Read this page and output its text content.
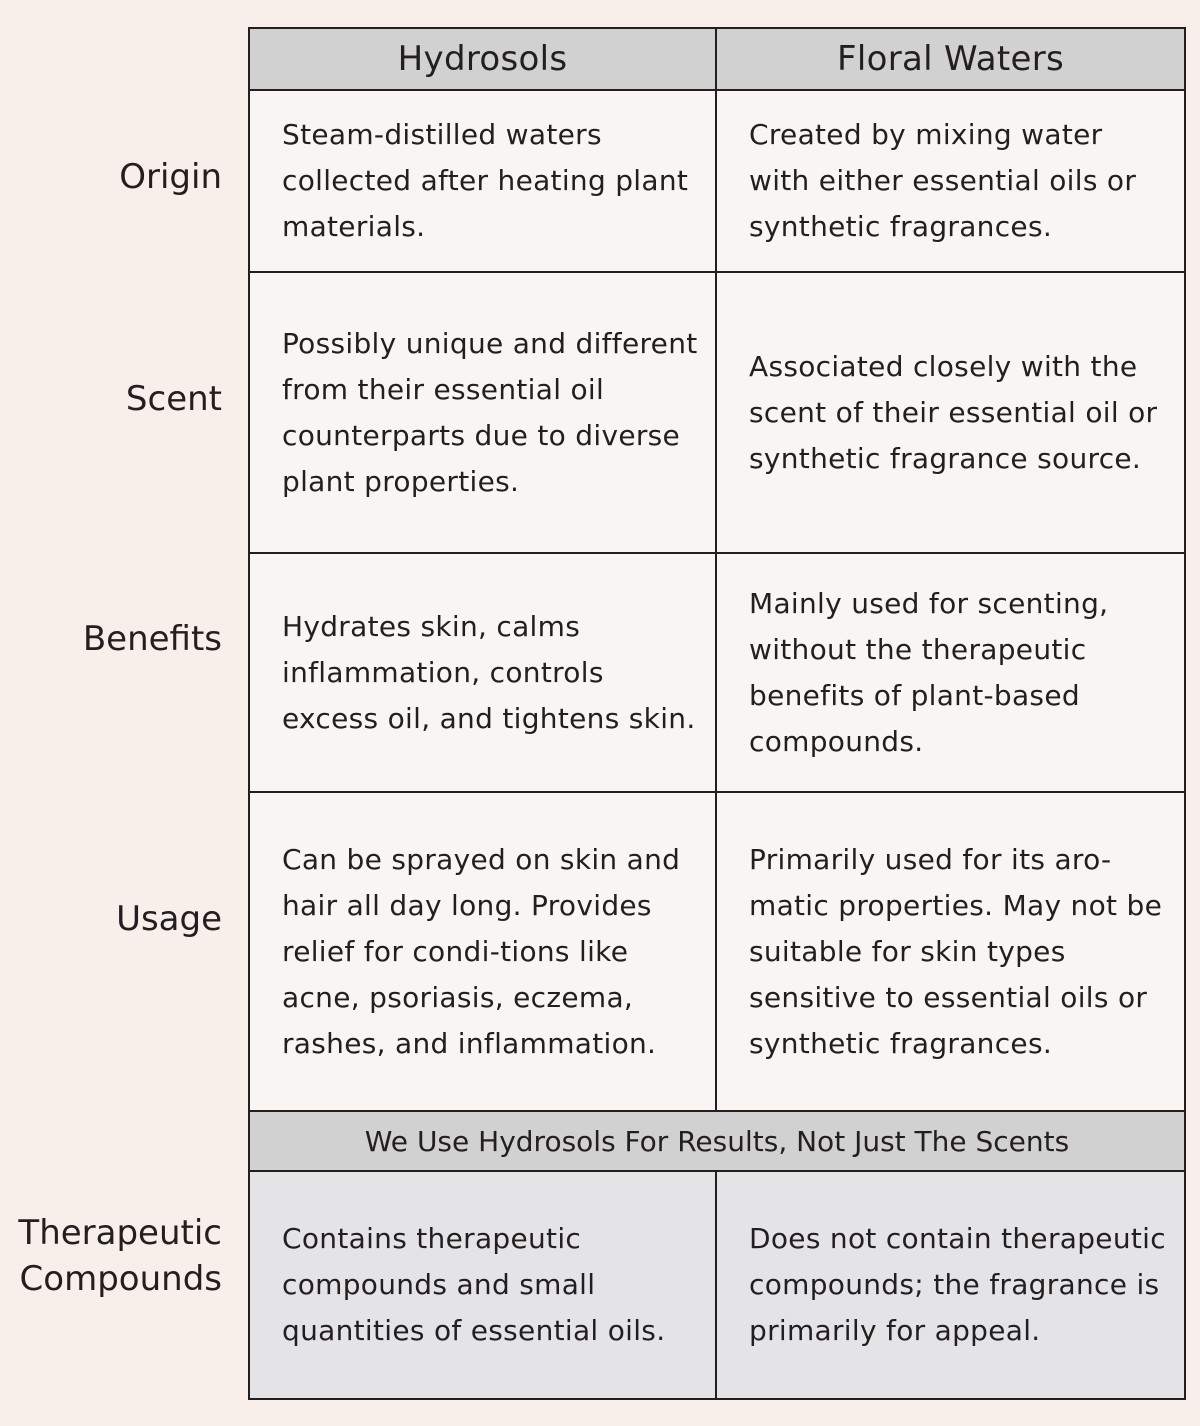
Origin
Scent
Benefits
Usage
Therapeutic
Compounds
Hydrosols	Floral Waters
Steam-distilled waters collected after heating plant materials.
Created by mixing water with either essential oils or synthetic fragrances.
Possibly unique and different from their essential oil counterparts due to diverse plant properties.
Associated closely with the scent of their essential oil or synthetic fragrance source.
Hydrates skin, calms inflammation, controls excess oil, and tightens skin.
Mainly used for scenting, without the therapeutic benefits of plant-based compounds.
Can be sprayed on skin and hair all day long. Provides relief for condi-tions like acne, psoriasis, eczema, rashes, and inflammation.
Primarily used for its aro-matic properties. May not be suitable for skin types sensitive to essential oils or synthetic fragrances.
We Use Hydrosols For Results, Not Just The Scents
Contains therapeutic compounds and small quantities of essential oils.
Does not contain therapeutic compounds; the fragrance is primarily for appeal.
